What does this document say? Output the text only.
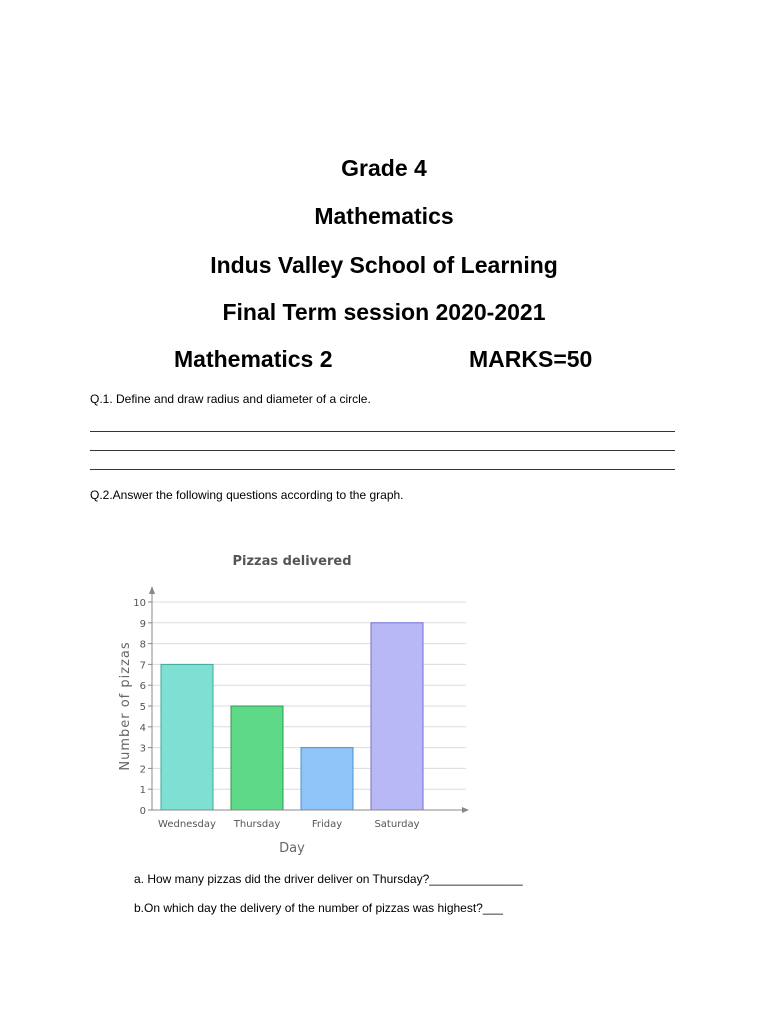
Grade 4
Mathematics
Indus Valley School of Learning
Final Term session 2020-2021
Mathematics 2	MARKS=50
Q.1. Define and draw radius and diameter of a circle.
Q.2.Answer the following questions according to the graph.
Pizzas delivered
0
1
2
3
4
5
6
7
8
9
10
Wednesday Thursday	Friday	Saturday
Number of pizzas
Day
a. How many pizzas did the driver deliver on Thursday?______________
b.On which day the delivery of the number of pizzas was highest?___
